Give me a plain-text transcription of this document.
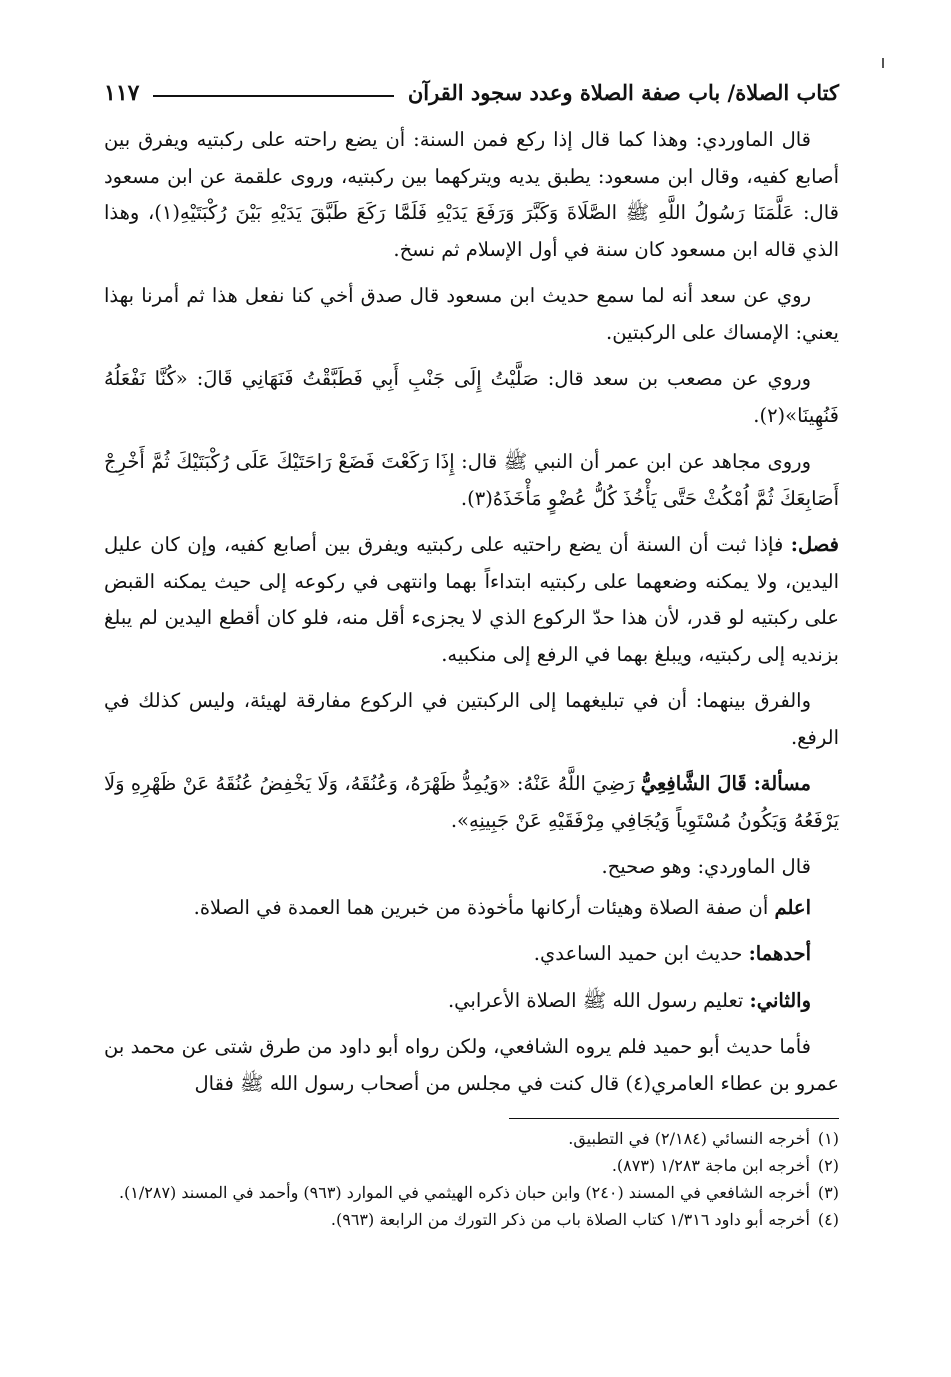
كتاب الصلاة/ باب صفة الصلاة وعدد سجود القرآن
١١٧

قال الماوردي: وهذا كما قال إذا ركع فمن السنة: أن يضع راحته على ركبتيه ويفرق بين أصابع كفيه، وقال ابن مسعود: يطبق يديه ويتركهما بين ركبتيه، وروى علقمة عن ابن مسعود قال: عَلَّمَنَا رَسُولُ اللَّهِ ﷺ الصَّلَاةَ وَكَبَّرَ وَرَفَعَ يَدَيْهِ فَلَمَّا رَكَعَ طَبَّقَ يَدَيْهِ بَيْنَ رُكْبَتَيْهِ(١)، وهذا الذي قاله ابن مسعود كان سنة في أول الإسلام ثم نسخ.

روي عن سعد أنه لما سمع حديث ابن مسعود قال صدق أخي كنا نفعل هذا ثم أمرنا بهذا يعني: الإمساك على الركبتين.

وروي عن مصعب بن سعد قال: صَلَّيْتُ إِلَى جَنْبِ أَبِي فَطَبَّقْتُ فَنَهَانِي قَالَ: «كُنَّا نَفْعَلُهُ فَنُهِينَا»(٢).

وروى مجاهد عن ابن عمر أن النبي ﷺ قال: إِذَا رَكَعْتَ فَضَعْ رَاحَتَيْكَ عَلَى رُكْبَتَيْكَ ثُمَّ أَخْرِجْ أَصَابِعَكَ ثُمَّ اُمْكُثْ حَتَّى يَأْخُذَ كُلُّ عُضْوٍ مَأْخَذَهُ(٣).

فصل: فإذا ثبت أن السنة أن يضع راحتيه على ركبتيه ويفرق بين أصابع كفيه، وإن كان عليل اليدين، ولا يمكنه وضعهما على ركبتيه ابتداءاً بهما وانتهى في ركوعه إلى حيث يمكنه القبض على ركبتيه لو قدر، لأن هذا حدّ الركوع الذي لا يجزىء أقل منه، فلو كان أقطع اليدين لم يبلغ بزنديه إلى ركبتيه، ويبلغ بهما في الرفع إلى منكبيه.

والفرق بينهما: أن في تبليغهما إلى الركبتين في الركوع مفارقة لهيئة، وليس كذلك في الرفع.

مسألة: قَالَ الشَّافِعِيُّ رَضِيَ اللَّهُ عَنْهُ: «وَيُمِدُّ ظَهْرَهُ، وَعُنُقَهُ، وَلَا يَخْفِضُ عُنُقَهُ عَنْ ظَهْرِهِ وَلَا يَرْفَعُهُ وَيَكُونُ مُسْتَوِياً وَيُجَافِي مِرْفَقَيْهِ عَنْ جَبِينِهِ».

قال الماوردي: وهو صحيح.

اعلم أن صفة الصلاة وهيئات أركانها مأخوذة من خبرين هما العمدة في الصلاة.

أحدهما: حديث ابن حميد الساعدي.

والثاني: تعليم رسول الله ﷺ الصلاة الأعرابي.

فأما حديث أبو حميد فلم يروه الشافعي، ولكن رواه أبو داود من طرق شتى عن محمد بن عمرو بن عطاء العامري(٤) قال كنت في مجلس من أصحاب رسول الله ﷺ فقال

(١)
أخرجه النسائي (٢/١٨٤) في التطبيق.
(٢)
أخرجه ابن ماجة ١/٢٨٣ (٨٧٣).
(٣)
أخرجه الشافعي في المسند (٢٤٠) وابن حبان ذكره الهيثمي في الموارد (٩٦٣) وأحمد في المسند (١/٢٨٧).
(٤)
أخرجه أبو داود ١/٣١٦ كتاب الصلاة باب من ذكر التورك من الرابعة (٩٦٣).
